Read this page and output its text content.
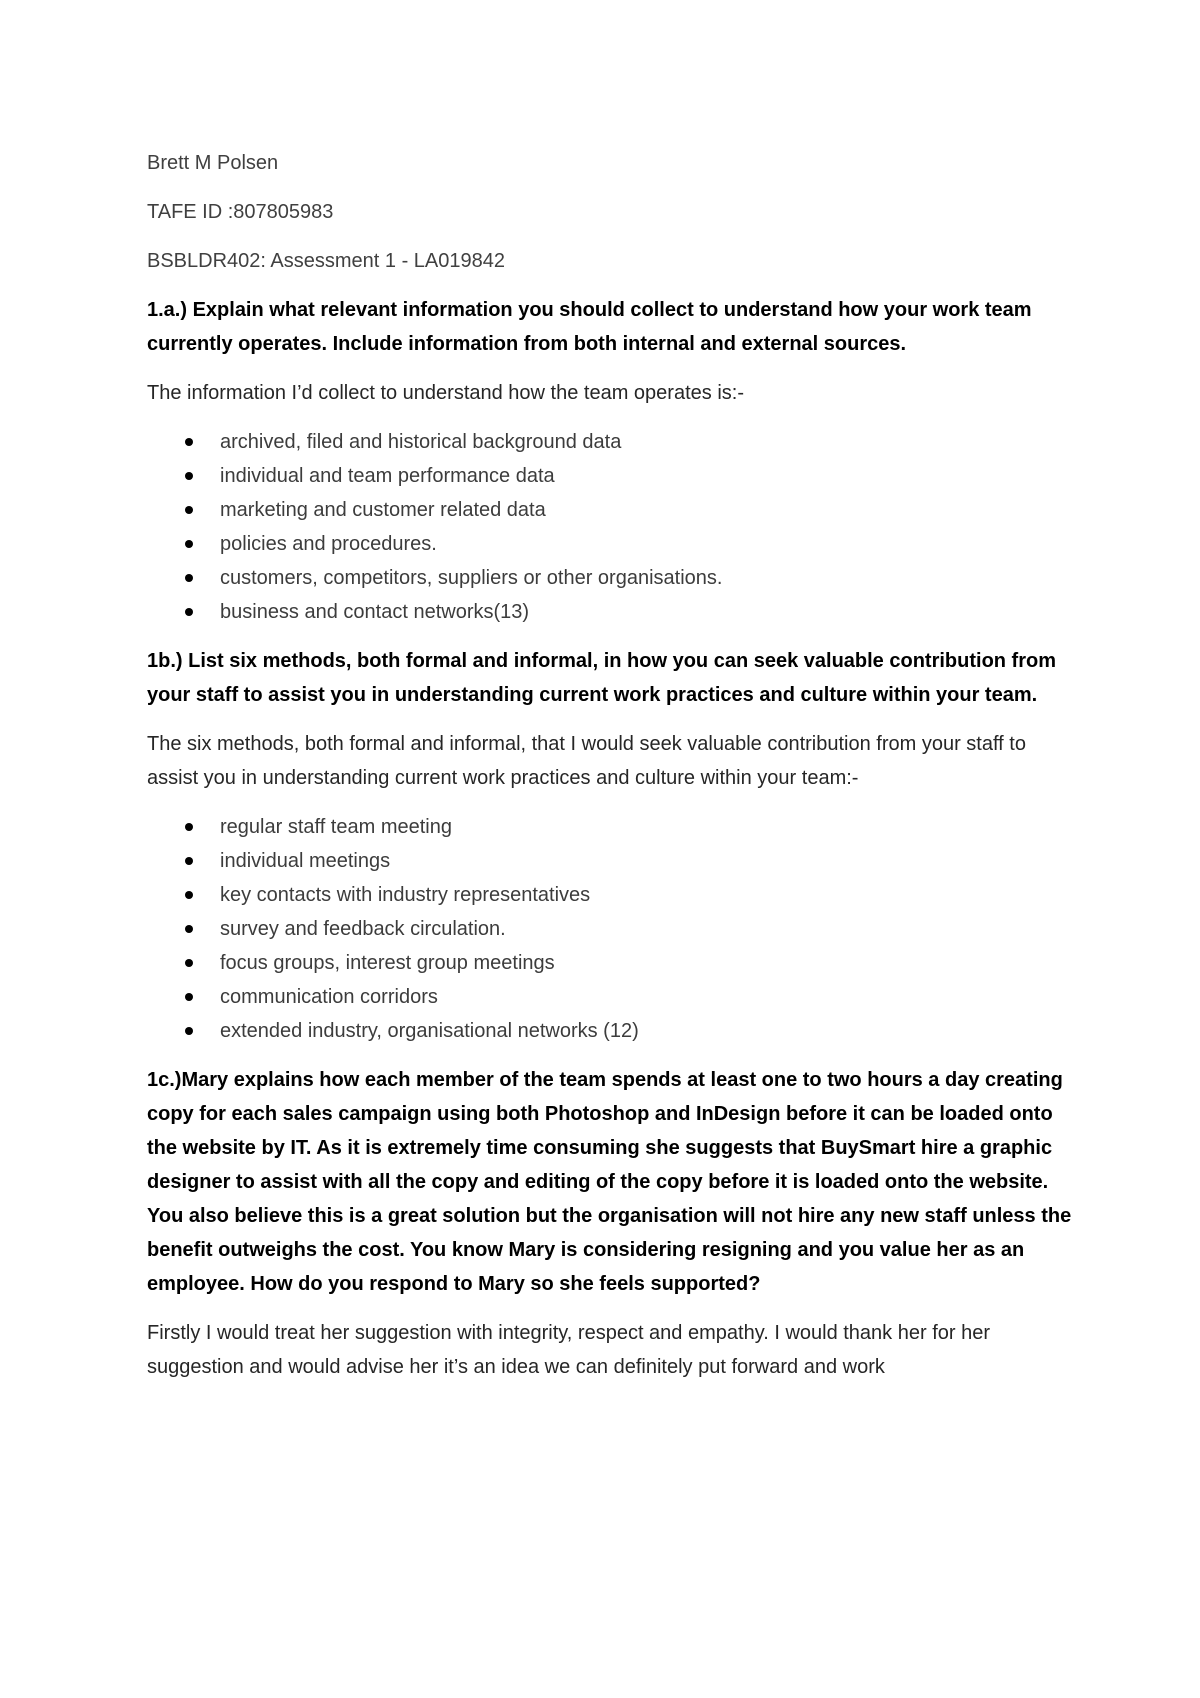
Brett M Polsen

TAFE ID :807805983

BSBLDR402: Assessment 1 - LA019842

1.a.) Explain what relevant information you should collect to understand how your work team currently operates. Include information from both internal and external sources.

The information I’d collect to understand how the team operates is:-

archived, filed and historical background data
individual and team performance data
marketing and customer related data
policies and procedures.
customers, competitors, suppliers or other organisations.
business and contact networks(13)

1b.) List six methods, both formal and informal, in how you can seek valuable contribution from your staff to assist you in understanding current work practices and culture within your team.

The six methods, both formal and informal, that I would seek valuable contribution from your staff to assist you in understanding current work practices and culture within your team:-

regular staff team meeting
individual meetings
key contacts with industry representatives
survey and feedback circulation.
focus groups, interest group meetings
communication corridors
extended industry, organisational networks (12)

1c.)Mary explains how each member of the team spends at least one to two hours a day creating copy for each sales campaign using both Photoshop and InDesign before it can be loaded onto the website by IT. As it is extremely time consuming she suggests that BuySmart hire a graphic designer to assist with all the copy and editing of the copy before it is loaded onto the website. You also believe this is a great solution but the organisation will not hire any new staff unless the benefit outweighs the cost. You know Mary is considering resigning and you value her as an employee. How do you respond to Mary so she feels supported?

Firstly I would treat her suggestion with integrity, respect and empathy. I would thank her for her suggestion and would advise her it’s an idea we can definitely put forward and work
